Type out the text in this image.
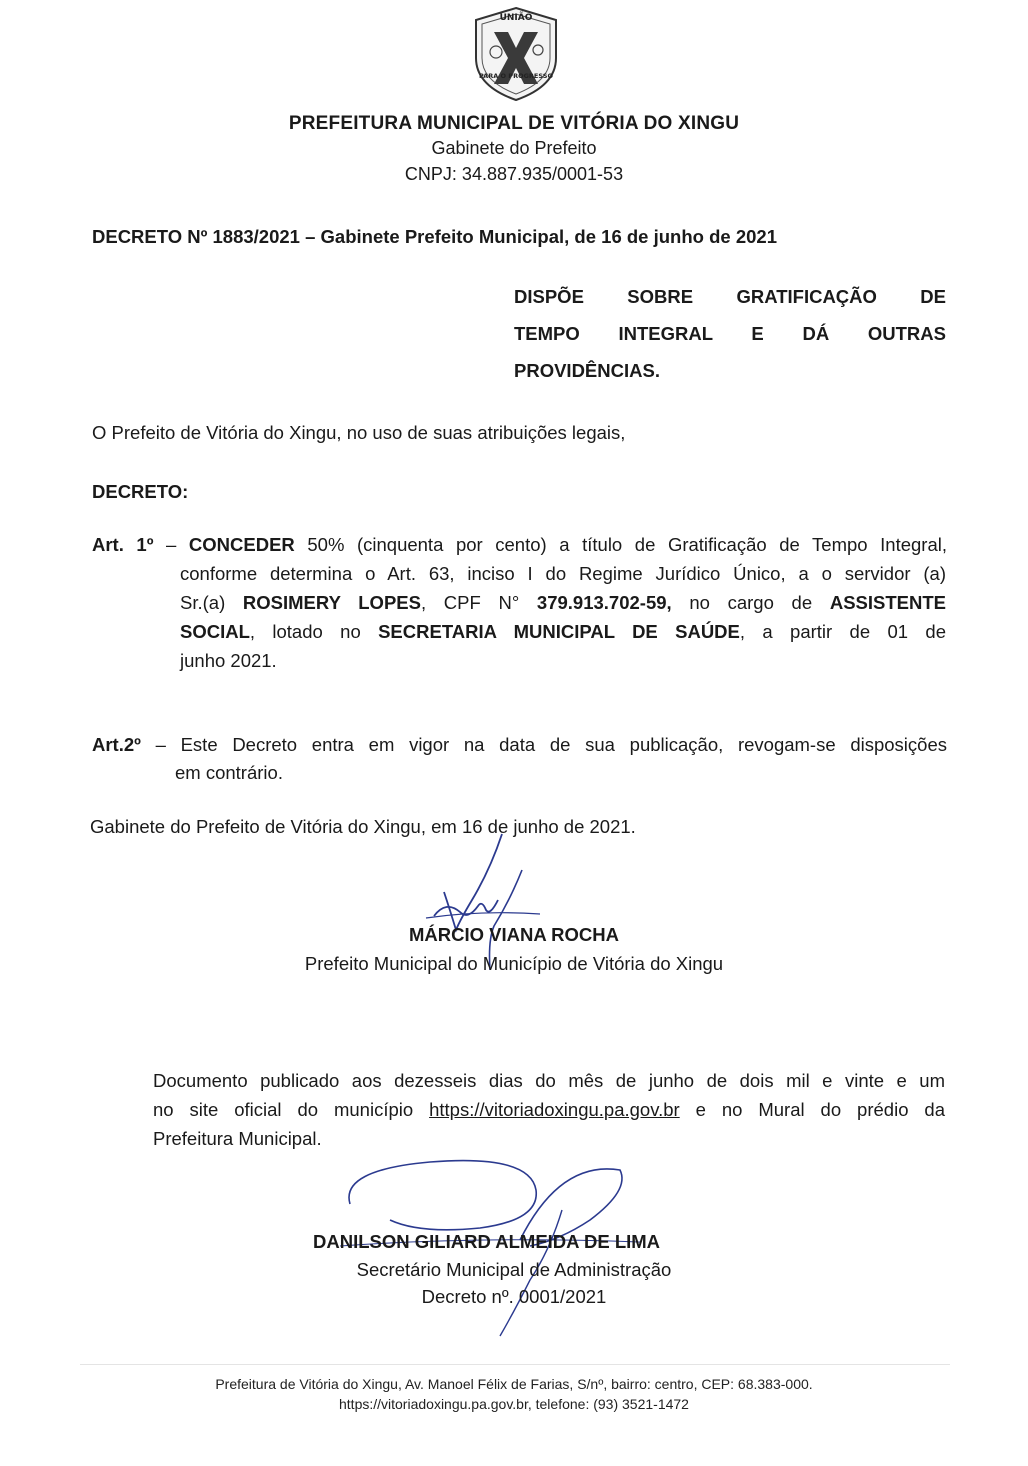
UNIÃO
PARA O PROGRESSO
PREFEITURA MUNICIPAL DE VITÓRIA DO XINGU
Gabinete do Prefeito
CNPJ: 34.887.935/0001-53
DECRETO Nº 1883/2021 – Gabinete Prefeito Municipal, de 16 de junho de 2021
DISPÕE SOBRE GRATIFICAÇÃO DE
TEMPO INTEGRAL E DÁ OUTRAS
PROVIDÊNCIAS.
O Prefeito de Vitória do Xingu, no uso de suas atribuições legais,
DECRETO:
Art. 1º – CONCEDER 50% (cinquenta por cento) a título de Gratificação de Tempo Integral,
conforme determina o Art. 63, inciso I do Regime Jurídico Único, a o servidor (a)
Sr.(a) ROSIMERY LOPES, CPF N° 379.913.702-59, no cargo de ASSISTENTE
SOCIAL, lotado no SECRETARIA MUNICIPAL DE SAÚDE, a partir de 01 de
junho 2021.
Art.2º – Este Decreto entra em vigor na data de sua publicação, revogam-se disposições
em contrário.
Gabinete do Prefeito de Vitória do Xingu, em 16 de junho de 2021.
MÁRCIO VIANA ROCHA
Prefeito Municipal do Município de Vitória do Xingu
Documento publicado aos dezesseis dias do mês de junho de dois mil e vinte e um
no site oficial do município https://vitoriadoxingu.pa.gov.br e no Mural do prédio da
Prefeitura Municipal.
DANILSON GILIARD ALMEIDA DE LIMA
Secretário Municipal de Administração
Decreto nº. 0001/2021
Prefeitura de Vitória do Xingu, Av. Manoel Félix de Farias, S/nº, bairro: centro, CEP: 68.383-000.
https://vitoriadoxingu.pa.gov.br, telefone: (93) 3521-1472
